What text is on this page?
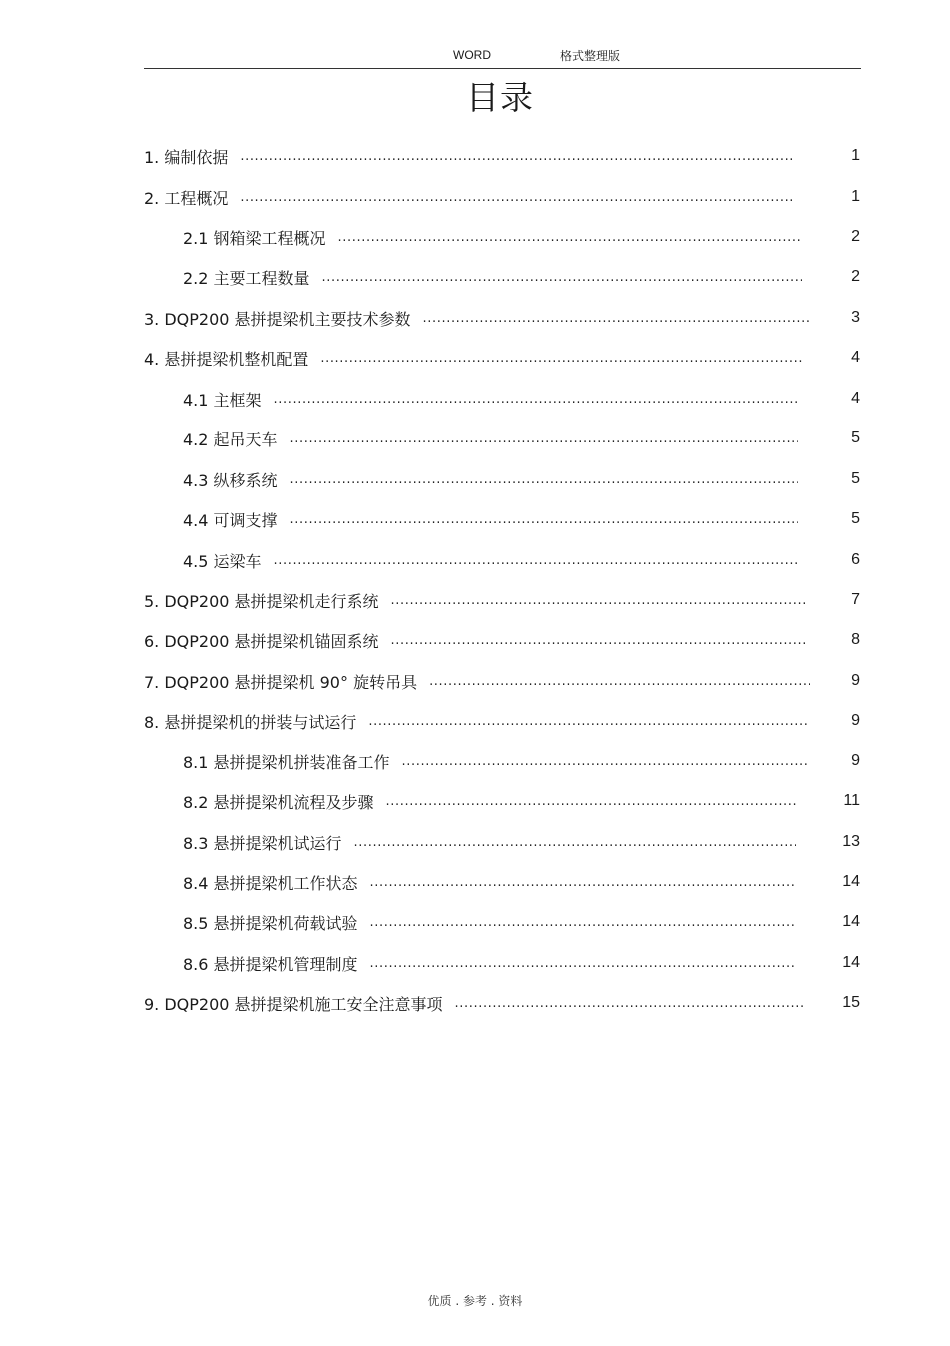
WORD	格式整理版
目录
1. 编制依据 .....	1
2. 工程概况 .....	1
2.1 钢箱梁工程概况 .....	2
2.2 主要工程数量 .....	2
3. DQP200 悬拼提梁机主要技术参数 .....	3
4. 悬拼提梁机整机配置 .....	4
4.1 主框架 .....	4
4.2 起吊天车 .....	5
4.3 纵移系统 .....	5
4.4 可调支撑 .....	5
4.5 运梁车 .....	6
5. DQP200 悬拼提梁机走行系统 .....	7
6. DQP200 悬拼提梁机锚固系统 .....	8
7. DQP200 悬拼提梁机 90° 旋转吊具 .....	9
8. 悬拼提梁机的拼装与试运行 .....	9
8.1 悬拼提梁机拼装准备工作 .....	9
8.2 悬拼提梁机流程及步骤 .....	11
8.3 悬拼提梁机试运行 .....	13
8.4 悬拼提梁机工作状态 .....	14
8.5 悬拼提梁机荷载试验 .....	14
8.6 悬拼提梁机管理制度 .....	14
9. DQP200 悬拼提梁机施工安全注意事项 .....	15
优质 . 参考 . 资料
